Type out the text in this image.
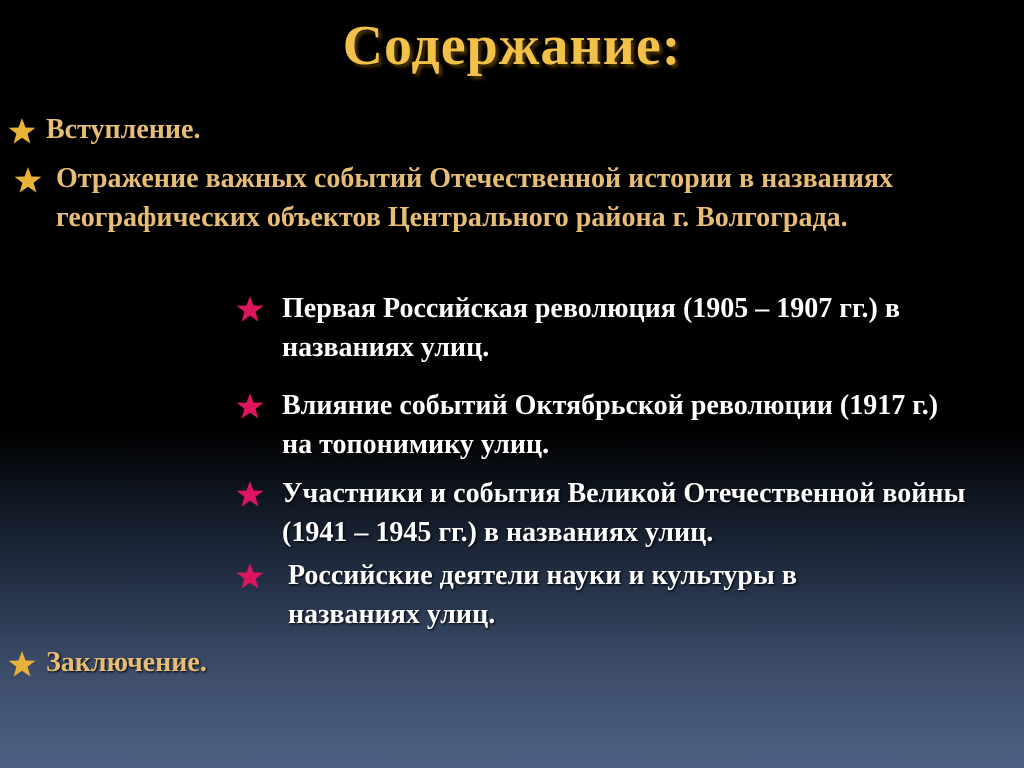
Содержание:
Вступление.
Отражение важных событий Отечественной истории в названиях географических объектов Центрального района г. Волгограда.
Первая Российская революция (1905 – 1907 гг.) в названиях улиц.
Влияние событий Октябрьской революции (1917 г.) на топонимику улиц.
Участники и события Великой Отечественной войны (1941 – 1945 гг.) в названиях улиц.
Российские деятели науки и культуры в названиях улиц.
Заключение.
